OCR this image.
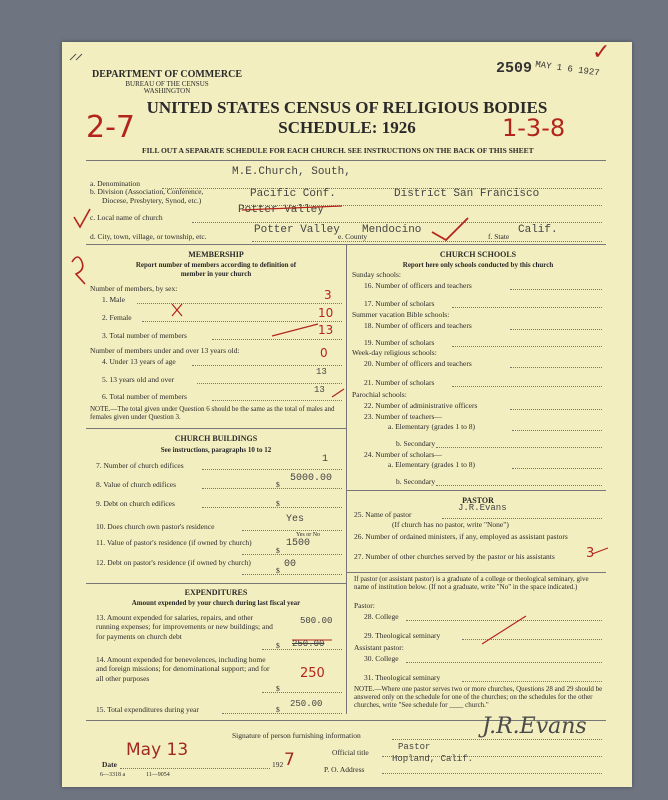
DEPARTMENT OF COMMERCE
BUREAU OF THE CENSUS
WASHINGTON
2509 MAY 1 6 1927
✓
UNITED STATES CENSUS OF RELIGIOUS BODIES
SCHEDULE: 1926
2-7	1-3-8
FILL OUT A SEPARATE SCHEDULE FOR EACH CHURCH. SEE INSTRUCTIONS ON THE BACK OF THIS SHEET
M.E.Church, South,
a. Denomination
b. Division (Association, Conference,
Diocese, Presbytery, Synod, etc.)
Pacific Conf.	District San Francisco
Potter Valley
c. Local name of church
d. City, town, village, or township, etc.
Potter Valley
e. County
Mendocino
f. State
Calif.
MEMBERSHIP
Report number of members according to definition of
member in your church
Number of members, by sex:
1. Male	3
2. Female	10
3. Total number of members	13
Number of members under and over 13 years old:
4. Under 13 years of age
0
5. 13 years old and over
13
6. Total number of members
13
NOTE.—The total given under Question 6 should be the same as the total of males and females given under Question 3.
CHURCH BUILDINGS
See instructions, paragraphs 10 to 12
7. Number of church edifices
1
8. Value of church edifices	$
5000.00
9. Debt on church edifices	$
10. Does church own pastor's residence
Yes
Yes or No
11. Value of pastor's residence (if owned by church)
$
1500
12. Debt on pastor's residence (if owned by church)
$
00
EXPENDITURES
Amount expended by your church during last fiscal year
13. Amount expended for salaries, repairs, and other running expenses; for improvements or new buildings; and for payments on church debt
500.00
$ 250.00
14. Amount expended for benevolences, including home and foreign missions; for denominational support; and for all other purposes	250
$
15. Total expenditures during year	$
250.00
CHURCH SCHOOLS
Report here only schools conducted by this church
Sunday schools:
16. Number of officers and teachers
17. Number of scholars
Summer vacation Bible schools:
18. Number of officers and teachers
19. Number of scholars
Week-day religious schools:
20. Number of officers and teachers
21. Number of scholars
Parochial schools:
22. Number of administrative officers
23. Number of teachers—
a. Elementary (grades 1 to 8)
b. Secondary
24. Number of scholars—
a. Elementary (grades 1 to 8)
b. Secondary
PASTOR
25. Name of pastor
J.R.Evans
(If church has no pastor, write "None")
26. Number of ordained ministers, if any, employed as assistant pastors
27. Number of other churches served by the pastor or his assistants	3
If pastor (or assistant pastor) is a graduate of a college or theological seminary, give name of institution below. (If not a graduate, write "No" in the space indicated.)
Pastor:
28. College
29. Theological seminary
Assistant pastor:
30. College
31. Theological seminary
NOTE.—Where one pastor serves two or more churches, Questions 28 and 29 should be answered only on the schedule for one of the churches; on the schedules for the other churches, write "See schedule for ____ church."
Signature of person furnishing information	J.R.Evans
Official title
Pastor
P. O. Address
Hopland, Calif.
Date
May 13
192 7
6—3318 a	11—9054
